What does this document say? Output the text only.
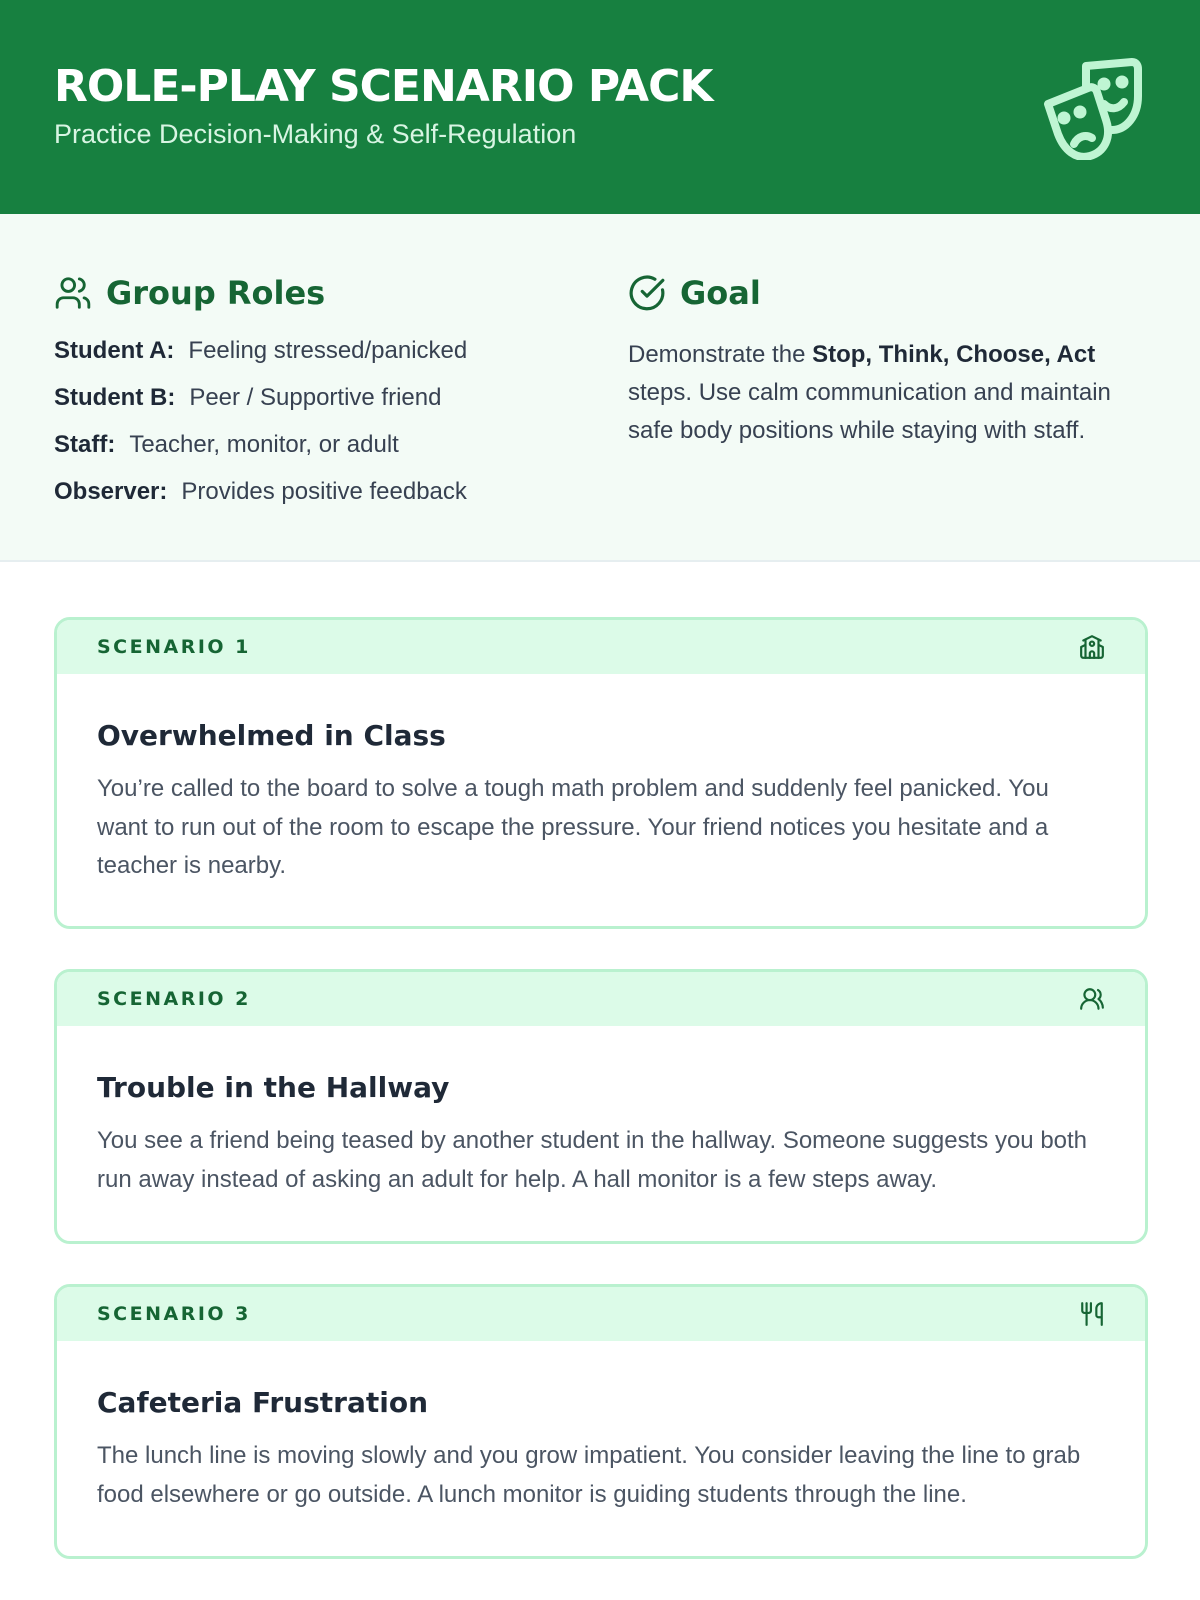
ROLE-PLAY SCENARIO PACK
Practice Decision-Making & Self-Regulation
Group Roles
Student A: Feeling stressed/panicked
Student B: Peer / Supportive friend
Staff: Teacher, monitor, or adult
Observer: Provides positive feedback
Goal
Demonstrate the Stop, Think, Choose, Act steps. Use calm communication and maintain safe body positions while staying with staff.
SCENARIO 1
Overwhelmed in Class

You’re called to the board to solve a tough math problem and suddenly feel panicked. You want to run out of the room to escape the pressure. Your friend notices you hesitate and a teacher is nearby.

SCENARIO 2
Trouble in the Hallway

You see a friend being teased by another student in the hallway. Someone suggests you both run away instead of asking an adult for help. A hall monitor is a few steps away.

SCENARIO 3
Cafeteria Frustration

The lunch line is moving slowly and you grow impatient. You consider leaving the line to grab food elsewhere or go outside. A lunch monitor is guiding students through the line.
